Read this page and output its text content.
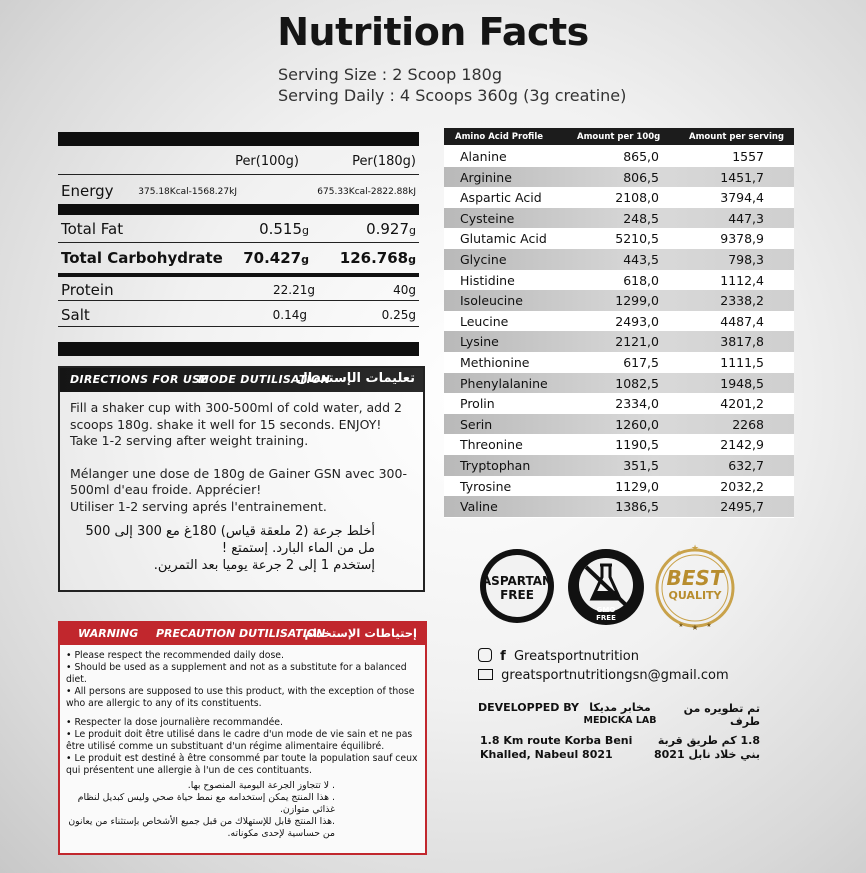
Nutrition Facts
Serving Size : 2 Scoop 180g
Serving Daily : 4 Scoops 360g (3g creatine)
Per(100g)	Per(180g)
Energy	375.18Kcal-1568.27kJ	675.33Kcal-2822.88kJ
Total Fat	0.515g	0.927g
Total Carbohydrate 70.427g 126.768g
Protein	22.21g	40g
Salt	0.14g	0.25g
DIRECTIONS FOR USE
MODE DUTILISATION
تعليمات الإستعمال
Fill a shaker cup with 300-500ml of cold water, add 2 scoops 180g. shake it well for 15 seconds. ENJOY!
Take 1-2 serving after weight training.
Mélanger une dose de 180g de Gainer GSN avec 300-500ml d'eau froide. Apprécier!
Utiliser 1-2 serving aprés l'entrainement.
أخلط جرعة (2 ملعقة قياس) 180غ مع 300 إلى 500 مل من الماء البارد. إستمتع !
إستخدم 1 إلى 2 جرعة يوميا بعد التمرين.
WARNING PRECAUTION DUTILISATION
إحتياطات الإستخدام

• Please respect the recommended daily dose.

• Should be used as a supplement and not as a substitute for a balanced diet.

• All persons are supposed to use this product, with the exception of those who are allergic to any of its constituents.

• Respecter la dose journalière recommandée.

• Le produit doit être utilisé dans le cadre d'un mode de vie sain et ne pas être utilisé comme un substituant d'un régime alimentaire équilibré.

• Le produit est destiné à être consommé par toute la population sauf ceux qui présentent une allergie à l'un de ces contituants.

. لا تتجاوز الجرعة اليومية المنصوح بها.

. هذا المنتج يمكن إستخدامه مع نمط حياة صحي وليس كبديل لنظام غذائي متوازن.

.هذا المنتج قابل للإستهلاك من قبل جميع الأشخاص بإستثناء من يعانون من حساسية لإحدى مكوناته.

Amino Acid Profile	Amount per 100g	Amount per serving
Alanine	865,0	1557
Arginine	806,5	1451,7
Aspartic Acid	2108,0	3794,4
Cysteine	248,5	447,3
Glutamic Acid	5210,5	9378,9
Glycine	443,5	798,3
Histidine	618,0	1112,4
Isoleucine	1299,0	2338,2
Leucine	2493,0	4487,4
Lysine	2121,0	3817,8
Methionine	617,5	1111,5
Phenylalanine	1082,5	1948,5
Prolin	2334,0	4201,2
Serin	1260,0	2268
Threonine	1190,5	2142,9
Tryptophan	351,5	632,7
Tyrosine	1129,0	2032,2
Valine	1386,5	2495,7
ASPARTAN
FREE
GMO
FREE
★
★	★
★
★	★
BEST
QUALITY
f Greatsportnutrition
greatsportnutritiongsn@gmail.com
DEVELOPPED BY مخابر مديكا
MEDICKA LAB
تم تطويره من طرف
1.8 Km route Korba Beni Khalled, Nabeul 8021
1.8 كم طريق قربة بني خلاد نابل 8021
